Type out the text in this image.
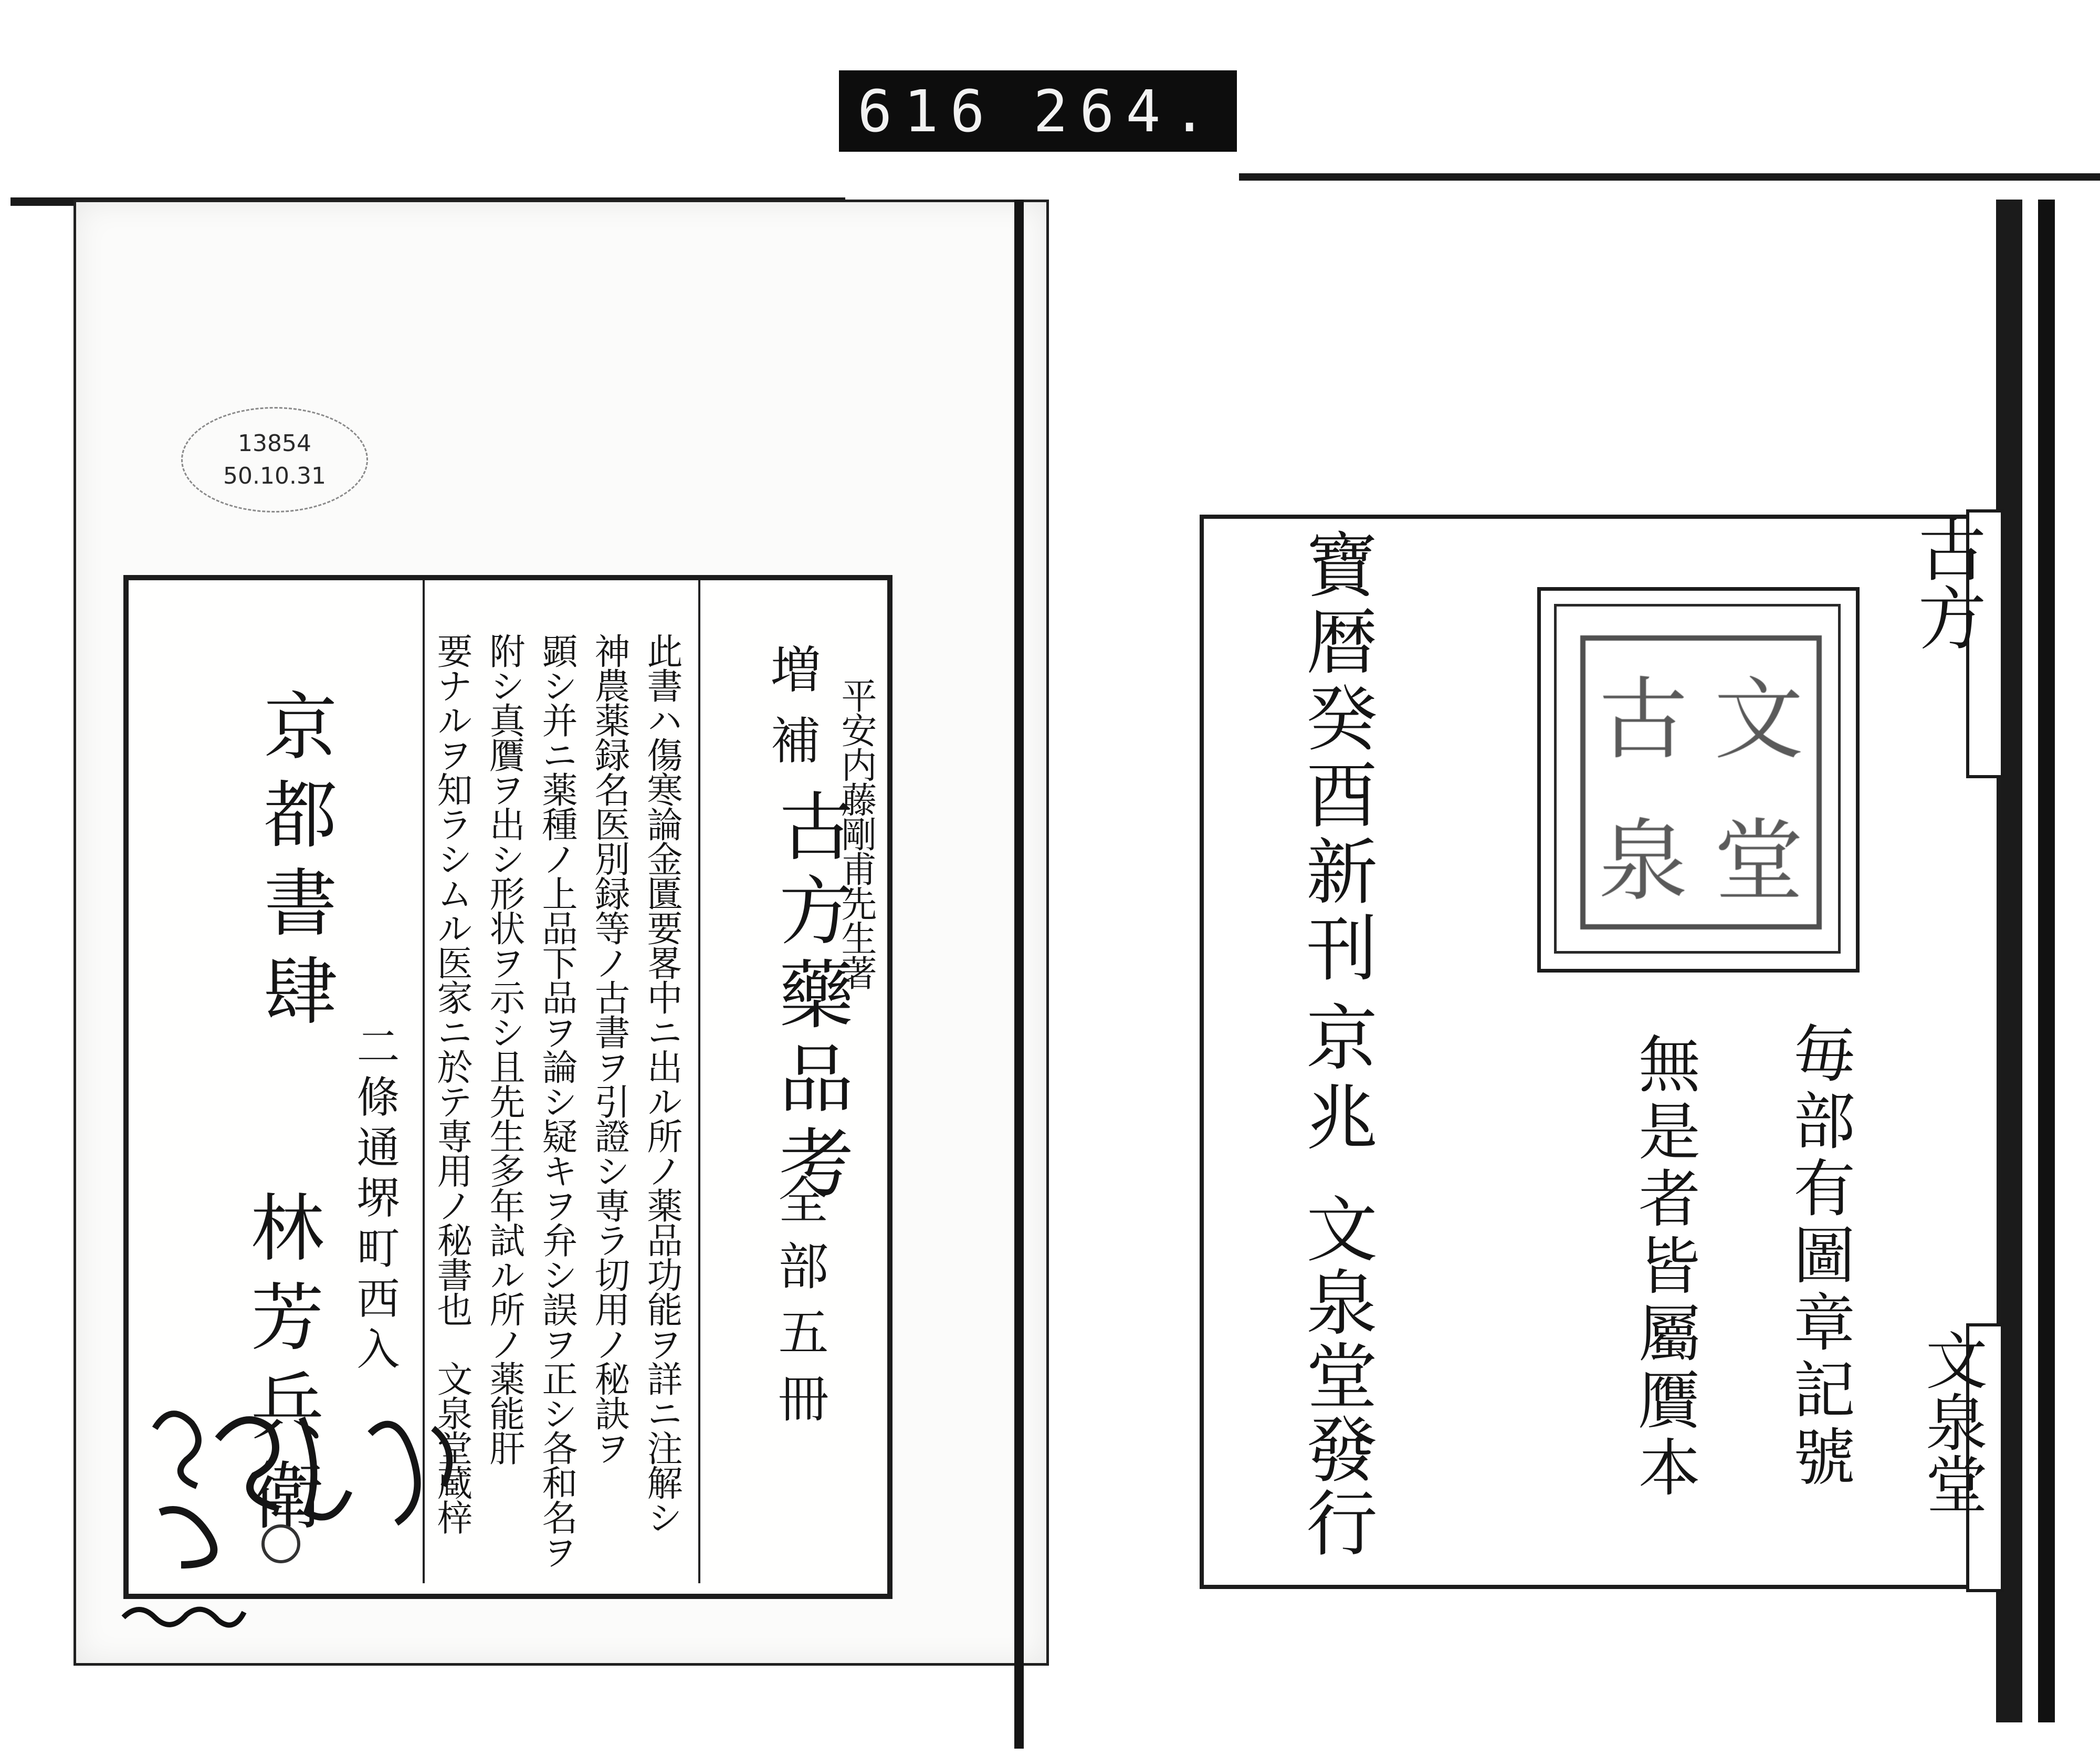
616 264.
13854
50.10.31
増
補 平安内藤剛甫先生著
古方藥品考
全部五冊
此書ハ傷寒論金匱要畧中ニ出ル所ノ薬品功能ヲ詳ニ注解シ
神農薬録名医別録等ノ古書ヲ引證シ専ラ切用ノ秘訣ヲ
顕シ并ニ薬種ノ上品下品ヲ論シ疑キヲ弁シ誤ヲ正シ各和名ヲ
附シ真贋ヲ出シ形状ヲ示シ且先生多年試ル所ノ薬能肝
要ナルヲ知ラシムル医家ニ於テ専用ノ秘書也　文泉堂蔵梓
京都書肆
二條通堺町西入
林芳兵衛
寶暦癸酉新刊
京兆
文泉堂發行
古 文
泉 堂
毎部有圖章記號
無是者皆屬贋本
